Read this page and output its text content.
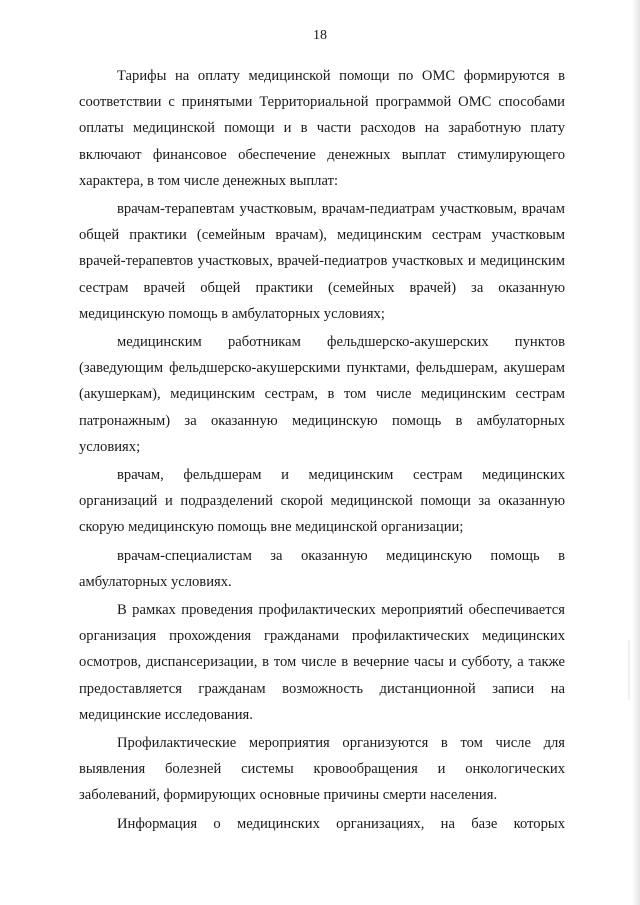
18

Тарифы на оплату медицинской помощи по ОМС формируются в соответствии с принятыми Территориальной программой ОМС способами оплаты медицинской помощи и в части расходов на заработную плату включают финансовое обеспечение денежных выплат стимулирующего характера, в том числе денежных выплат:

врачам-терапевтам участковым, врачам-педиатрам участковым, врачам общей практики (семейным врачам), медицинским сестрам участковым врачей-терапевтов участковых, врачей-педиатров участковых и медицинским сестрам врачей общей практики (семейных врачей) за оказанную медицинскую помощь в амбулаторных условиях;

медицинским работникам фельдшерско-акушерских пунктов (заведующим фельдшерско-акушерскими пунктами, фельдшерам, акушерам (акушеркам), медицинским сестрам, в том числе медицинским сестрам патронажным) за оказанную медицинскую помощь в амбулаторных условиях;

врачам, фельдшерам и медицинским сестрам медицинских организаций и подразделений скорой медицинской помощи за оказанную скорую медицинскую помощь вне медицинской организации;

врачам-специалистам за оказанную медицинскую помощь в амбулаторных условиях.

В рамках проведения профилактических мероприятий обеспечивается организация прохождения гражданами профилактических медицинских осмотров, диспансеризации, в том числе в вечерние часы и субботу, а также предоставляется гражданам возможность дистанционной записи на медицинские исследования.

Профилактические мероприятия организуются в том числе для выявления болезней системы кровообращения и онкологических заболеваний, формирующих основные причины смерти населения.

Информация о медицинских организациях, на базе которых
